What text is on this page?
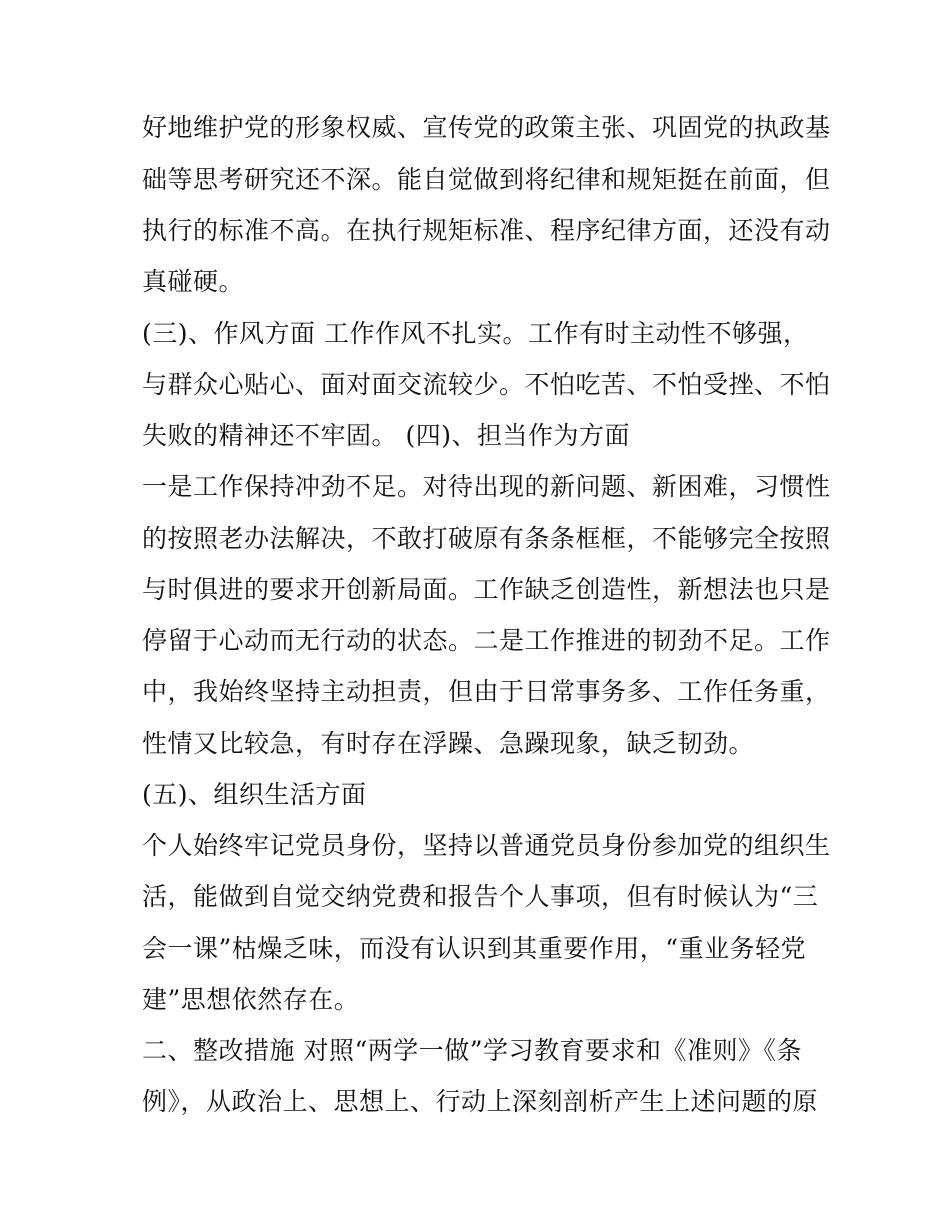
好地维护党的形象权威、宣传党的政策主张、巩固党的执政基
础等思考研究还不深。能自觉做到将纪律和规矩挺在前面，但
执行的标准不高。在执行规矩标准、程序纪律方面，还没有动
真碰硬。
(三)、作风方面 工作作风不扎实。工作有时主动性不够强，
与群众心贴心、面对面交流较少。不怕吃苦、不怕受挫、不怕
失败的精神还不牢固。 (四)、担当作为方面
一是工作保持冲劲不足。对待出现的新问题、新困难，习惯性
的按照老办法解决，不敢打破原有条条框框，不能够完全按照
与时俱进的要求开创新局面。工作缺乏创造性，新想法也只是
停留于心动而无行动的状态。二是工作推进的韧劲不足。工作
中，我始终坚持主动担责，但由于日常事务多、工作任务重，
性情又比较急，有时存在浮躁、急躁现象，缺乏韧劲。
(五)、组织生活方面
个人始终牢记党员身份，坚持以普通党员身份参加党的组织生
活，能做到自觉交纳党费和报告个人事项，但有时候认为“三
会一课”枯燥乏味，而没有认识到其重要作用，“重业务轻党
建”思想依然存在。
二、整改措施 对照“两学一做”学习教育要求和《准则》《条
例》，从政治上、思想上、行动上深刻剖析产生上述问题的原
